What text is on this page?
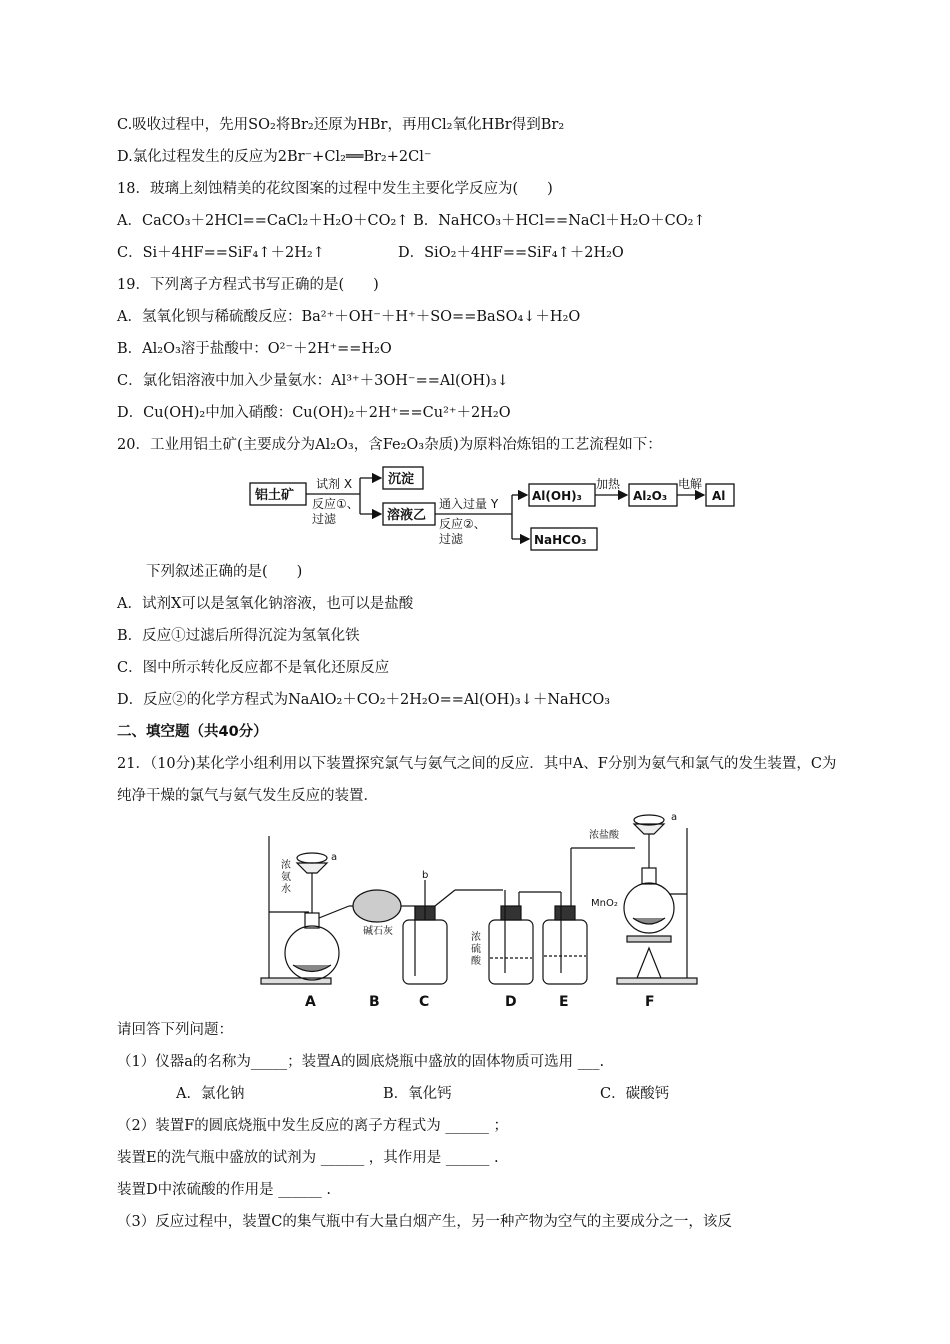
C.吸收过程中，先用SO₂将Br₂还原为HBr，再用Cl₂氧化HBr得到Br₂
D.氯化过程发生的反应为2Br⁻+Cl₂══Br₂+2Cl⁻
18．玻璃上刻蚀精美的花纹图案的过程中发生主要化学反应为(　　)
A．CaCO₃＋2HCl==CaCl₂＋H₂O＋CO₂↑ B．NaHCO₃＋HCl==NaCl＋H₂O＋CO₂↑
C．Si＋4HF==SiF₄↑＋2H₂↑	D．SiO₂＋4HF==SiF₄↑＋2H₂O
19．下列离子方程式书写正确的是(　　)
A．氢氧化钡与稀硫酸反应：Ba²⁺＋OH⁻＋H⁺＋SO==BaSO₄↓＋H₂O
B．Al₂O₃溶于盐酸中：O²⁻＋2H⁺==H₂O
C．氯化铝溶液中加入少量氨水：Al³⁺＋3OH⁻==Al(OH)₃↓
D．Cu(OH)₂中加入硝酸：Cu(OH)₂＋2H⁺==Cu²⁺＋2H₂O
20．工业用铝土矿(主要成分为Al₂O₃，含Fe₂O₃杂质)为原料冶炼铝的工艺流程如下：
铝土矿
试剂 X
反应①、
过滤
沉淀
溶液乙
通入过量 Y
反应②、
过滤
Al(OH)₃
加热
Al₂O₃
电解
Al
NaHCO₃
下列叙述正确的是(　　)
A．试剂X可以是氢氧化钠溶液，也可以是盐酸
B．反应①过滤后所得沉淀为氢氧化铁
C．图中所示转化反应都不是氧化还原反应
D．反应②的化学方程式为NaAlO₂＋CO₂＋2H₂O==Al(OH)₃↓＋NaHCO₃
二、填空题（共40分）
21．（10分)某化学小组利用以下装置探究氯气与氨气之间的反应．其中A、F分别为氨气和氯气的发生装置，C为纯净干燥的氯气与氨气发生反应的装置．
浓
氨
水
a
碱石灰
b
浓
硫
酸
浓盐酸
a
MnO₂
A	B	C	D	E	F
请回答下列问题：
（1）仪器a的名称为_____；装置A的圆底烧瓶中盛放的固体物质可选用 ___.
A．氯化钠	B．氧化钙	C．碳酸钙
（2）装置F的圆底烧瓶中发生反应的离子方程式为 ______ ；
装置E的洗气瓶中盛放的试剂为 ______ ，其作用是 ______ .
装置D中浓硫酸的作用是 ______ .
（3）反应过程中，装置C的集气瓶中有大量白烟产生，另一种产物为空气的主要成分之一，该反
